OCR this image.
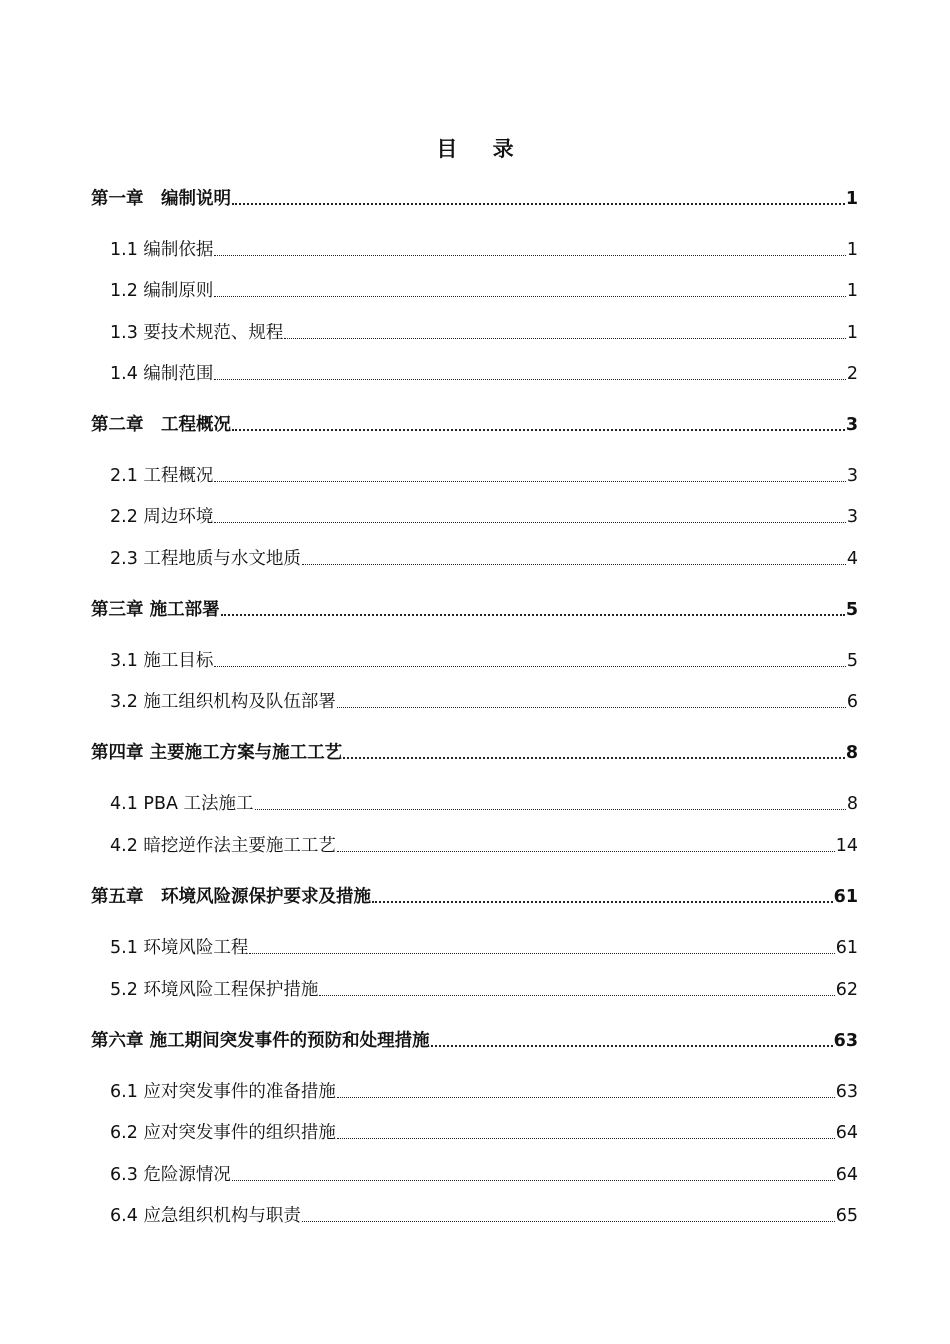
目 录
第一章　编制说明	1
1.1 编制依据	1
1.2 编制原则	1
1.3 要技术规范、规程	1
1.4 编制范围	2
第二章　工程概况	3
2.1 工程概况	3
2.2 周边环境	3
2.3 工程地质与水文地质	4
第三章 施工部署	5
3.1 施工目标	5
3.2 施工组织机构及队伍部署	6
第四章 主要施工方案与施工工艺	8
4.1 PBA 工法施工	8
4.2 暗挖逆作法主要施工工艺	14
第五章　环境风险源保护要求及措施	61
5.1 环境风险工程	61
5.2 环境风险工程保护措施	62
第六章 施工期间突发事件的预防和处理措施	63
6.1 应对突发事件的准备措施	63
6.2 应对突发事件的组织措施	64
6.3 危险源情况	64
6.4 应急组织机构与职责	65
